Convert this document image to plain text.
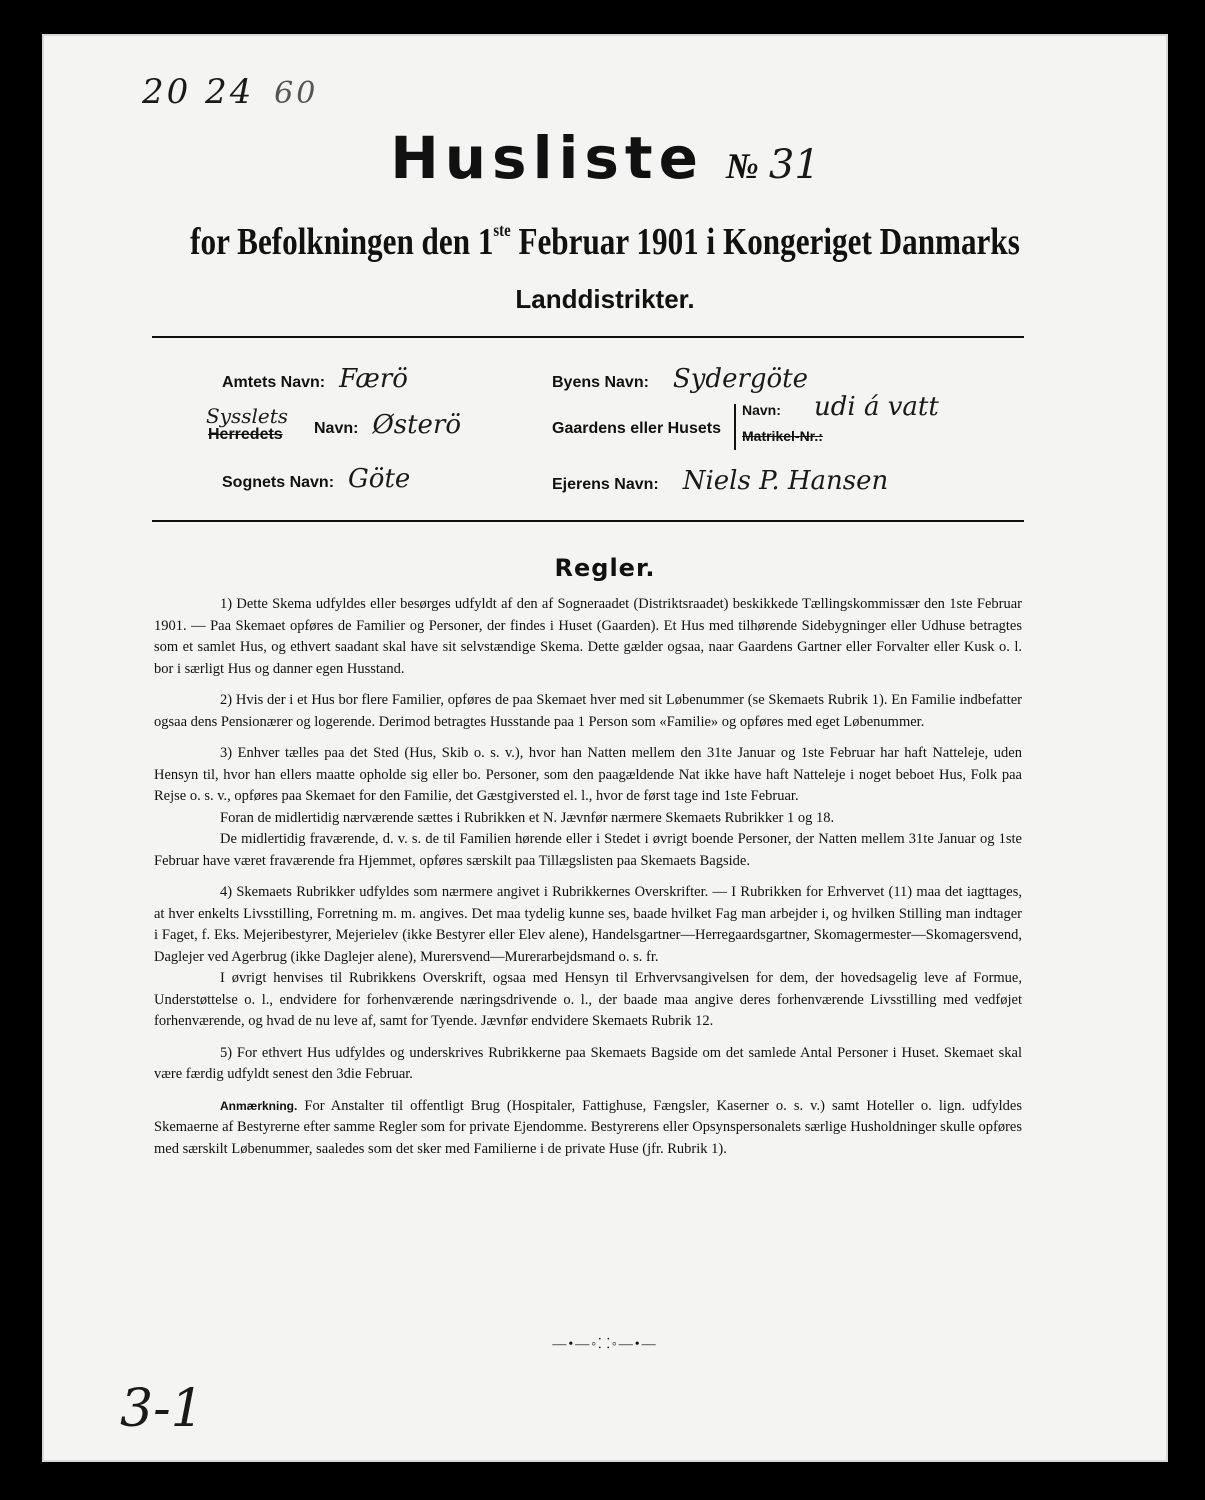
20 24 60
Husliste № 31
for Befolkningen den 1ste Februar 1901 i Kongeriget Danmarks
Landdistrikter.
Amtets Navn: Færö
Sysslets
Herredets Navn: Østerö
Sognets Navn: Göte
Byens Navn: Sydergöte
Gaardens eller Husets
Navn: udi á vatt
Matrikel-Nr.:
Ejerens Navn: Niels P. Hansen
Regler.

1) Dette Skema udfyldes eller besørges udfyldt af den af Sogneraadet (Distriktsraadet) beskikkede Tællingskommissær den 1ste Februar 1901. — Paa Skemaet opføres de Familier og Personer, der findes i Huset (Gaarden). Et Hus med tilhørende Sidebygninger eller Udhuse betragtes som et samlet Hus, og ethvert saadant skal have sit selvstændige Skema. Dette gælder ogsaa, naar Gaardens Gartner eller Forvalter eller Kusk o. l. bor i særligt Hus og danner egen Husstand.

2) Hvis der i et Hus bor flere Familier, opføres de paa Skemaet hver med sit Løbenummer (se Skemaets Rubrik 1). En Familie indbefatter ogsaa dens Pensionærer og logerende. Derimod betragtes Husstande paa 1 Person som «Familie» og opføres med eget Løbenummer.

3) Enhver tælles paa det Sted (Hus, Skib o. s. v.), hvor han Natten mellem den 31te Januar og 1ste Februar har haft Natteleje, uden Hensyn til, hvor han ellers maatte opholde sig eller bo. Personer, som den paagældende Nat ikke have haft Natteleje i noget beboet Hus, Folk paa Rejse o. s. v., opføres paa Skemaet for den Familie, det Gæstgiversted el. l., hvor de først tage ind 1ste Februar.

Foran de midlertidig nærværende sættes i Rubrikken et N. Jævnfør nærmere Skemaets Rubrikker 1 og 18.

De midlertidig fraværende, d. v. s. de til Familien hørende eller i Stedet i øvrigt boende Personer, der Natten mellem 31te Januar og 1ste Februar have været fraværende fra Hjemmet, opføres særskilt paa Tillægslisten paa Skemaets Bagside.

4) Skemaets Rubrikker udfyldes som nærmere angivet i Rubrikkernes Overskrifter. — I Rubrikken for Erhvervet (11) maa det iagttages, at hver enkelts Livsstilling, Forretning m. m. angives. Det maa tydelig kunne ses, baade hvilket Fag man arbejder i, og hvilken Stilling man indtager i Faget, f. Eks. Mejeribestyrer, Mejerielev (ikke Bestyrer eller Elev alene), Handelsgartner—Herregaardsgartner, Skomagermester—Skomagersvend, Daglejer ved Agerbrug (ikke Daglejer alene), Murersvend—Murerarbejdsmand o. s. fr.

I øvrigt henvises til Rubrikkens Overskrift, ogsaa med Hensyn til Erhvervsangivelsen for dem, der hovedsagelig leve af Formue, Understøttelse o. l., endvidere for forhenværende næringsdrivende o. l., der baade maa angive deres forhenværende Livsstilling med vedføjet forhenværende, og hvad de nu leve af, samt for Tyende. Jævnfør endvidere Skemaets Rubrik 12.

5) For ethvert Hus udfyldes og underskrives Rubrikkerne paa Skemaets Bagside om det samlede Antal Personer i Huset. Skemaet skal være færdig udfyldt senest den 3die Februar.

Anmærkning. For Anstalter til offentligt Brug (Hospitaler, Fattighuse, Fængsler, Kaserner o. s. v.) samt Hoteller o. lign. udfyldes Skemaerne af Bestyrerne efter samme Regler som for private Ejendomme. Bestyrerens eller Opsynspersonalets særlige Husholdninger skulle opføres med særskilt Løbenummer, saaledes som det sker med Familierne i de private Huse (jfr. Rubrik 1).

—•—◦⸬◦—•—
3-1
